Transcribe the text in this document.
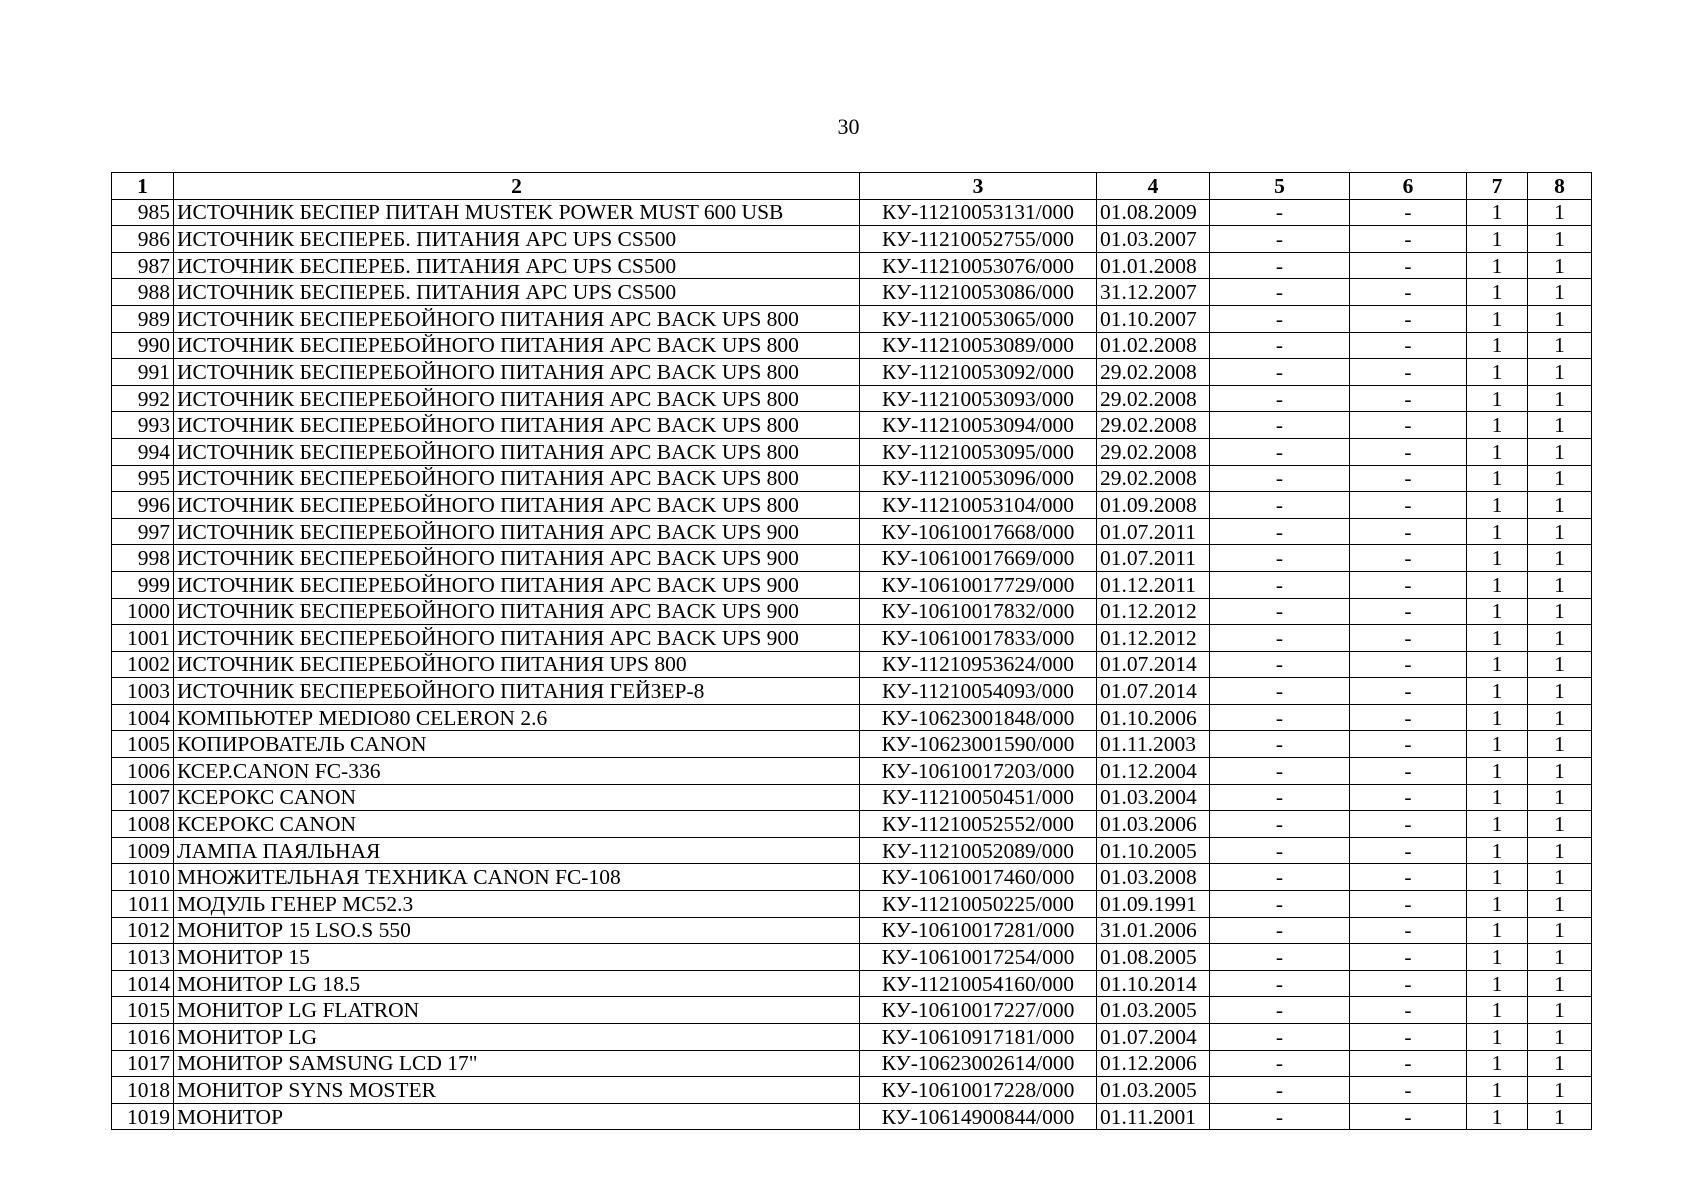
30
1	2	3	4	5	6	7	8
985	ИСТОЧНИК БЕСПЕР ПИТАН MUSTEK POWER MUST 600 USB	КУ-11210053131/000	01.08.2009	-	-	1	1
986	ИСТОЧНИК БЕСПЕРЕБ. ПИТАНИЯ APC UPS CS500	КУ-11210052755/000	01.03.2007	-	-	1	1
987	ИСТОЧНИК БЕСПЕРЕБ. ПИТАНИЯ APC UPS CS500	КУ-11210053076/000	01.01.2008	-	-	1	1
988	ИСТОЧНИК БЕСПЕРЕБ. ПИТАНИЯ APC UPS CS500	КУ-11210053086/000	31.12.2007	-	-	1	1
989	ИСТОЧНИК БЕСПЕРЕБОЙНОГО ПИТАНИЯ APC BACK UPS 800	КУ-11210053065/000	01.10.2007	-	-	1	1
990	ИСТОЧНИК БЕСПЕРЕБОЙНОГО ПИТАНИЯ APC BACK UPS 800	КУ-11210053089/000	01.02.2008	-	-	1	1
991	ИСТОЧНИК БЕСПЕРЕБОЙНОГО ПИТАНИЯ APC BACK UPS 800	КУ-11210053092/000	29.02.2008	-	-	1	1
992	ИСТОЧНИК БЕСПЕРЕБОЙНОГО ПИТАНИЯ APC BACK UPS 800	КУ-11210053093/000	29.02.2008	-	-	1	1
993	ИСТОЧНИК БЕСПЕРЕБОЙНОГО ПИТАНИЯ APC BACK UPS 800	КУ-11210053094/000	29.02.2008	-	-	1	1
994	ИСТОЧНИК БЕСПЕРЕБОЙНОГО ПИТАНИЯ APC BACK UPS 800	КУ-11210053095/000	29.02.2008	-	-	1	1
995	ИСТОЧНИК БЕСПЕРЕБОЙНОГО ПИТАНИЯ APC BACK UPS 800	КУ-11210053096/000	29.02.2008	-	-	1	1
996	ИСТОЧНИК БЕСПЕРЕБОЙНОГО ПИТАНИЯ APC BACK UPS 800	КУ-11210053104/000	01.09.2008	-	-	1	1
997	ИСТОЧНИК БЕСПЕРЕБОЙНОГО ПИТАНИЯ APC BACK UPS 900	КУ-10610017668/000	01.07.2011	-	-	1	1
998	ИСТОЧНИК БЕСПЕРЕБОЙНОГО ПИТАНИЯ APC BACK UPS 900	КУ-10610017669/000	01.07.2011	-	-	1	1
999	ИСТОЧНИК БЕСПЕРЕБОЙНОГО ПИТАНИЯ APC BACK UPS 900	КУ-10610017729/000	01.12.2011	-	-	1	1
1000	ИСТОЧНИК БЕСПЕРЕБОЙНОГО ПИТАНИЯ APC BACK UPS 900	КУ-10610017832/000	01.12.2012	-	-	1	1
1001	ИСТОЧНИК БЕСПЕРЕБОЙНОГО ПИТАНИЯ APC BACK UPS 900	КУ-10610017833/000	01.12.2012	-	-	1	1
1002	ИСТОЧНИК БЕСПЕРЕБОЙНОГО ПИТАНИЯ UPS 800	КУ-11210953624/000	01.07.2014	-	-	1	1
1003	ИСТОЧНИК БЕСПЕРЕБОЙНОГО ПИТАНИЯ ГЕЙЗЕР-8	КУ-11210054093/000	01.07.2014	-	-	1	1
1004	КОМПЬЮТЕР MEDIO80 CELERON 2.6	КУ-10623001848/000	01.10.2006	-	-	1	1
1005	КОПИРОВАТЕЛЬ CANON	КУ-10623001590/000	01.11.2003	-	-	1	1
1006	КСЕР.CANON FC-336	КУ-10610017203/000	01.12.2004	-	-	1	1
1007	КСЕРОКС CANON	КУ-11210050451/000	01.03.2004	-	-	1	1
1008	КСЕРОКС CANON	КУ-11210052552/000	01.03.2006	-	-	1	1
1009	ЛАМПА ПАЯЛЬНАЯ	КУ-11210052089/000	01.10.2005	-	-	1	1
1010	МНОЖИТЕЛЬНАЯ ТЕХНИКА CANON FC-108	КУ-10610017460/000	01.03.2008	-	-	1	1
1011	МОДУЛЬ ГЕНЕР МС52.3	КУ-11210050225/000	01.09.1991	-	-	1	1
1012	МОНИТОР 15 LSO.S 550	КУ-10610017281/000	31.01.2006	-	-	1	1
1013	МОНИТОР 15	КУ-10610017254/000	01.08.2005	-	-	1	1
1014	МОНИТОР LG 18.5	КУ-11210054160/000	01.10.2014	-	-	1	1
1015	МОНИТОР LG FLATRON	КУ-10610017227/000	01.03.2005	-	-	1	1
1016	МОНИТОР LG	КУ-10610917181/000	01.07.2004	-	-	1	1
1017	МОНИТОР SAMSUNG LCD 17"	КУ-10623002614/000	01.12.2006	-	-	1	1
1018	МОНИТОР SYNS MOSTER	КУ-10610017228/000	01.03.2005	-	-	1	1
1019	МОНИТОР	КУ-10614900844/000	01.11.2001	-	-	1	1
